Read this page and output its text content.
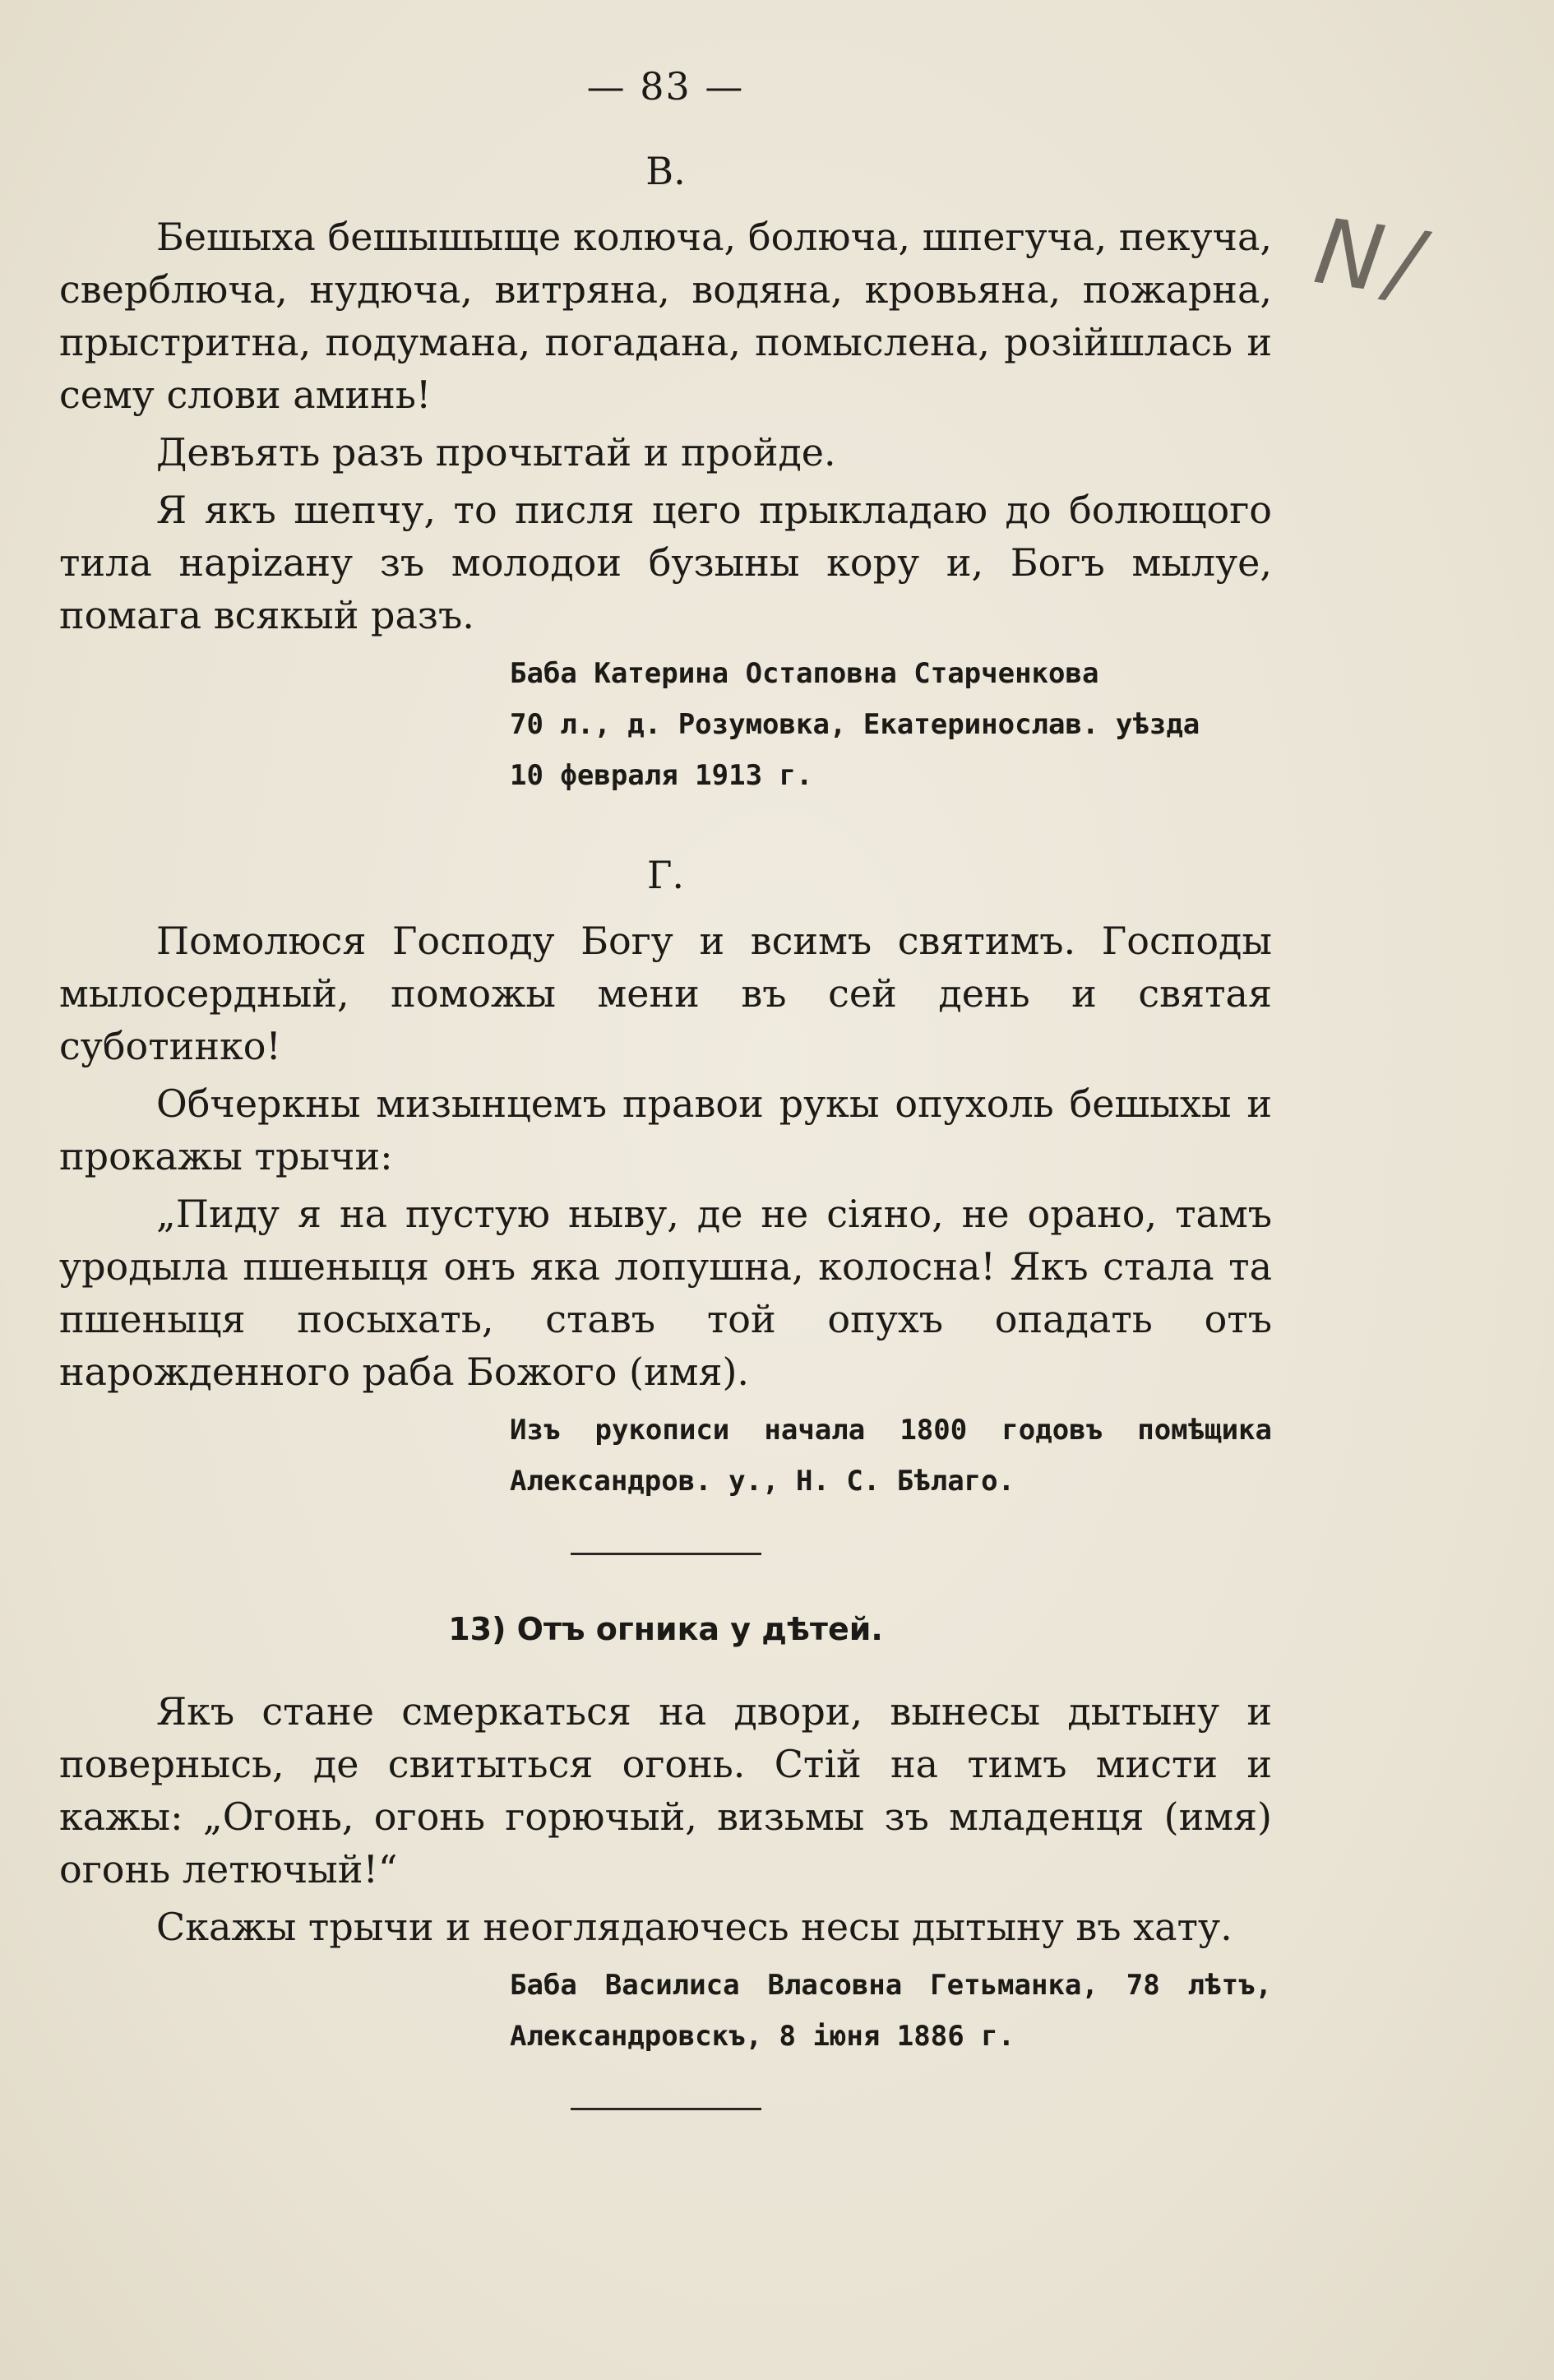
N/
— 83 —
В.

Бешыха бешышыще колюча, болюча, шпегуча, пекуча, сверблюча, нудюча, витряна, водяна, кровьяна, пожарна, прыстритна, подумана, погадана, помыслена, розiйшлась и сему слови аминь!

Девъять разъ прочытай и пройде.

Я якъ шепчу, то писля цего прыкладаю до болющого тила нарizану зъ молодои бузыны кору и, Богъ мылуе, помага всякый разъ.

Баба Катерина Остаповна Старченкова
70 л., д. Розумовка, Екатеринослав. уѣзда
10 февраля 1913 г.
Г.

Помолюся Господу Богу и всимъ святимъ. Господы мылосердный, поможы мени въ сей день и святая суботинко!

Обчеркны мизынцемъ правои рукы опухоль бешыхы и прокажы трычи:

„Пиду я на пустую ныву, де не сiяно, не орано, тамъ уродыла пшеныця онъ яка лопушна, колосна! Якъ стала та пшеныця посыхать, ставъ той опухъ опадать отъ нарожденного раба Божого (имя).

Изъ рукописи начала 1800 годовъ помѣщика Александров. у., Н. С. Бѣлаго.
13) Отъ огника у дѣтей.

Якъ стане смеркаться на двори, вынесы дытыну и повернысь, де свитыться огонь. Стiй на тимъ мисти и кажы: „Огонь, огонь горючый, визьмы зъ младенця (имя) огонь летючый!“

Скажы трычи и неоглядаючесь несы дытыну въ хату.

Баба Василиса Власовна Гетьманка, 78 лѣтъ, Александровскъ, 8 iюня 1886 г.
